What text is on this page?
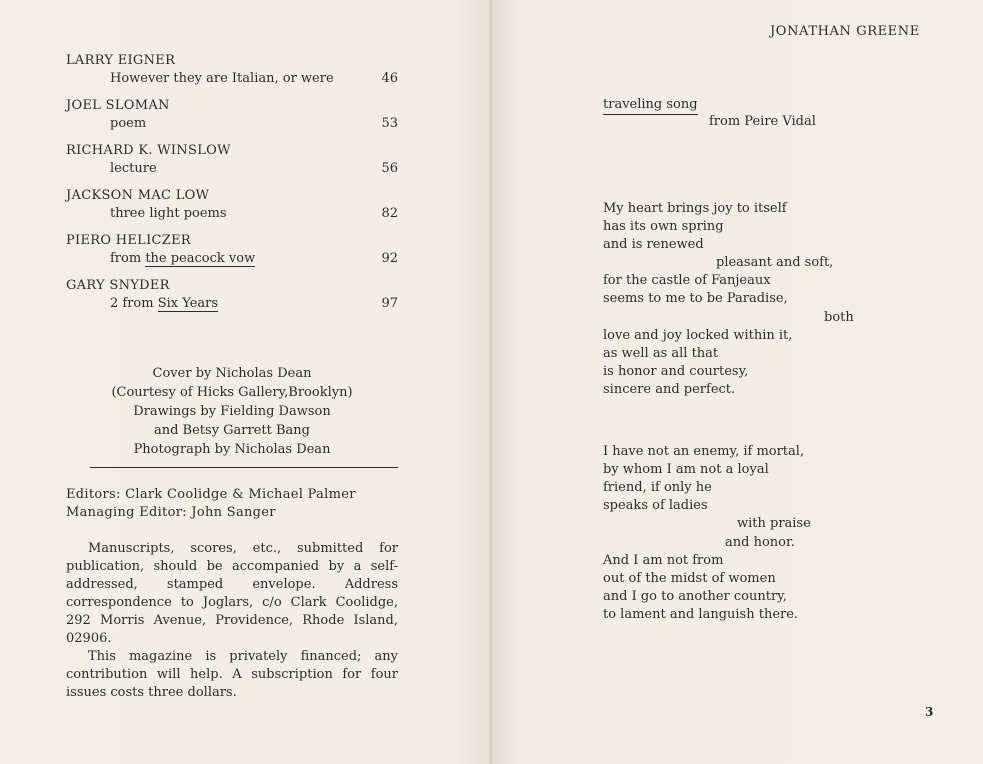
LARRY EIGNER
However they are Italian, or were	46
JOEL SLOMAN
poem	53
RICHARD K. WINSLOW
lecture	56
JACKSON MAC LOW
three light poems	82
PIERO HELICZER
from the peacock vow	92
GARY SNYDER
2 from Six Years	97
Cover by Nicholas Dean
(Courtesy of Hicks Gallery,Brooklyn)
Drawings by Fielding Dawson
and Betsy Garrett Bang
Photograph by Nicholas Dean
Editors: Clark Coolidge & Michael Palmer
Managing Editor: John Sanger

Manuscripts, scores, etc., submitted for publication, should be accompanied by a self-addressed, stamped envelope. Address correspondence to Joglars, c/o Clark Coolidge, 292 Morris Avenue, Providence, Rhode Island, 02906.

This magazine is privately financed; any contribution will help. A subscription for four issues costs three dollars.

JONATHAN GREENE
traveling song
from Peire Vidal
My heart brings joy to itself
has its own spring
and is renewed
pleasant and soft,
for the castle of Fanjeaux
seems to me to be Paradise,
both
love and joy locked within it,
as well as all that
is honor and courtesy,
sincere and perfect.
I have not an enemy, if mortal,
by whom I am not a loyal
friend, if only he
speaks of ladies
with praise
and honor.
And I am not from
out of the midst of women
and I go to another country,
to lament and languish there.
3
